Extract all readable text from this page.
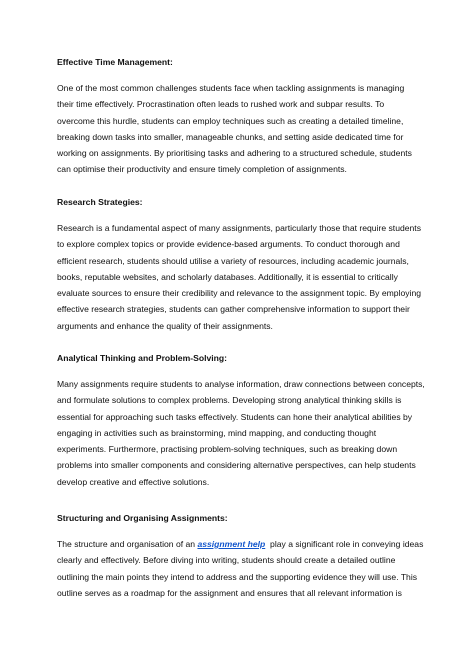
Effective Time Management:

One of the most common challenges students face when tackling assignments is managing
their time effectively. Procrastination often leads to rushed work and subpar results. To
overcome this hurdle, students can employ techniques such as creating a detailed timeline,
breaking down tasks into smaller, manageable chunks, and setting aside dedicated time for
working on assignments. By prioritising tasks and adhering to a structured schedule, students
can optimise their productivity and ensure timely completion of assignments.

Research Strategies:

Research is a fundamental aspect of many assignments, particularly those that require students
to explore complex topics or provide evidence-based arguments. To conduct thorough and
efficient research, students should utilise a variety of resources, including academic journals,
books, reputable websites, and scholarly databases. Additionally, it is essential to critically
evaluate sources to ensure their credibility and relevance to the assignment topic. By employing
effective research strategies, students can gather comprehensive information to support their
arguments and enhance the quality of their assignments.

Analytical Thinking and Problem-Solving:

Many assignments require students to analyse information, draw connections between concepts,
and formulate solutions to complex problems. Developing strong analytical thinking skills is
essential for approaching such tasks effectively. Students can hone their analytical abilities by
engaging in activities such as brainstorming, mind mapping, and conducting thought
experiments. Furthermore, practising problem-solving techniques, such as breaking down
problems into smaller components and considering alternative perspectives, can help students
develop creative and effective solutions.

Structuring and Organising Assignments:

The structure and organisation of an assignment help  play a significant role in conveying ideas
clearly and effectively. Before diving into writing, students should create a detailed outline
outlining the main points they intend to address and the supporting evidence they will use. This
outline serves as a roadmap for the assignment and ensures that all relevant information is
